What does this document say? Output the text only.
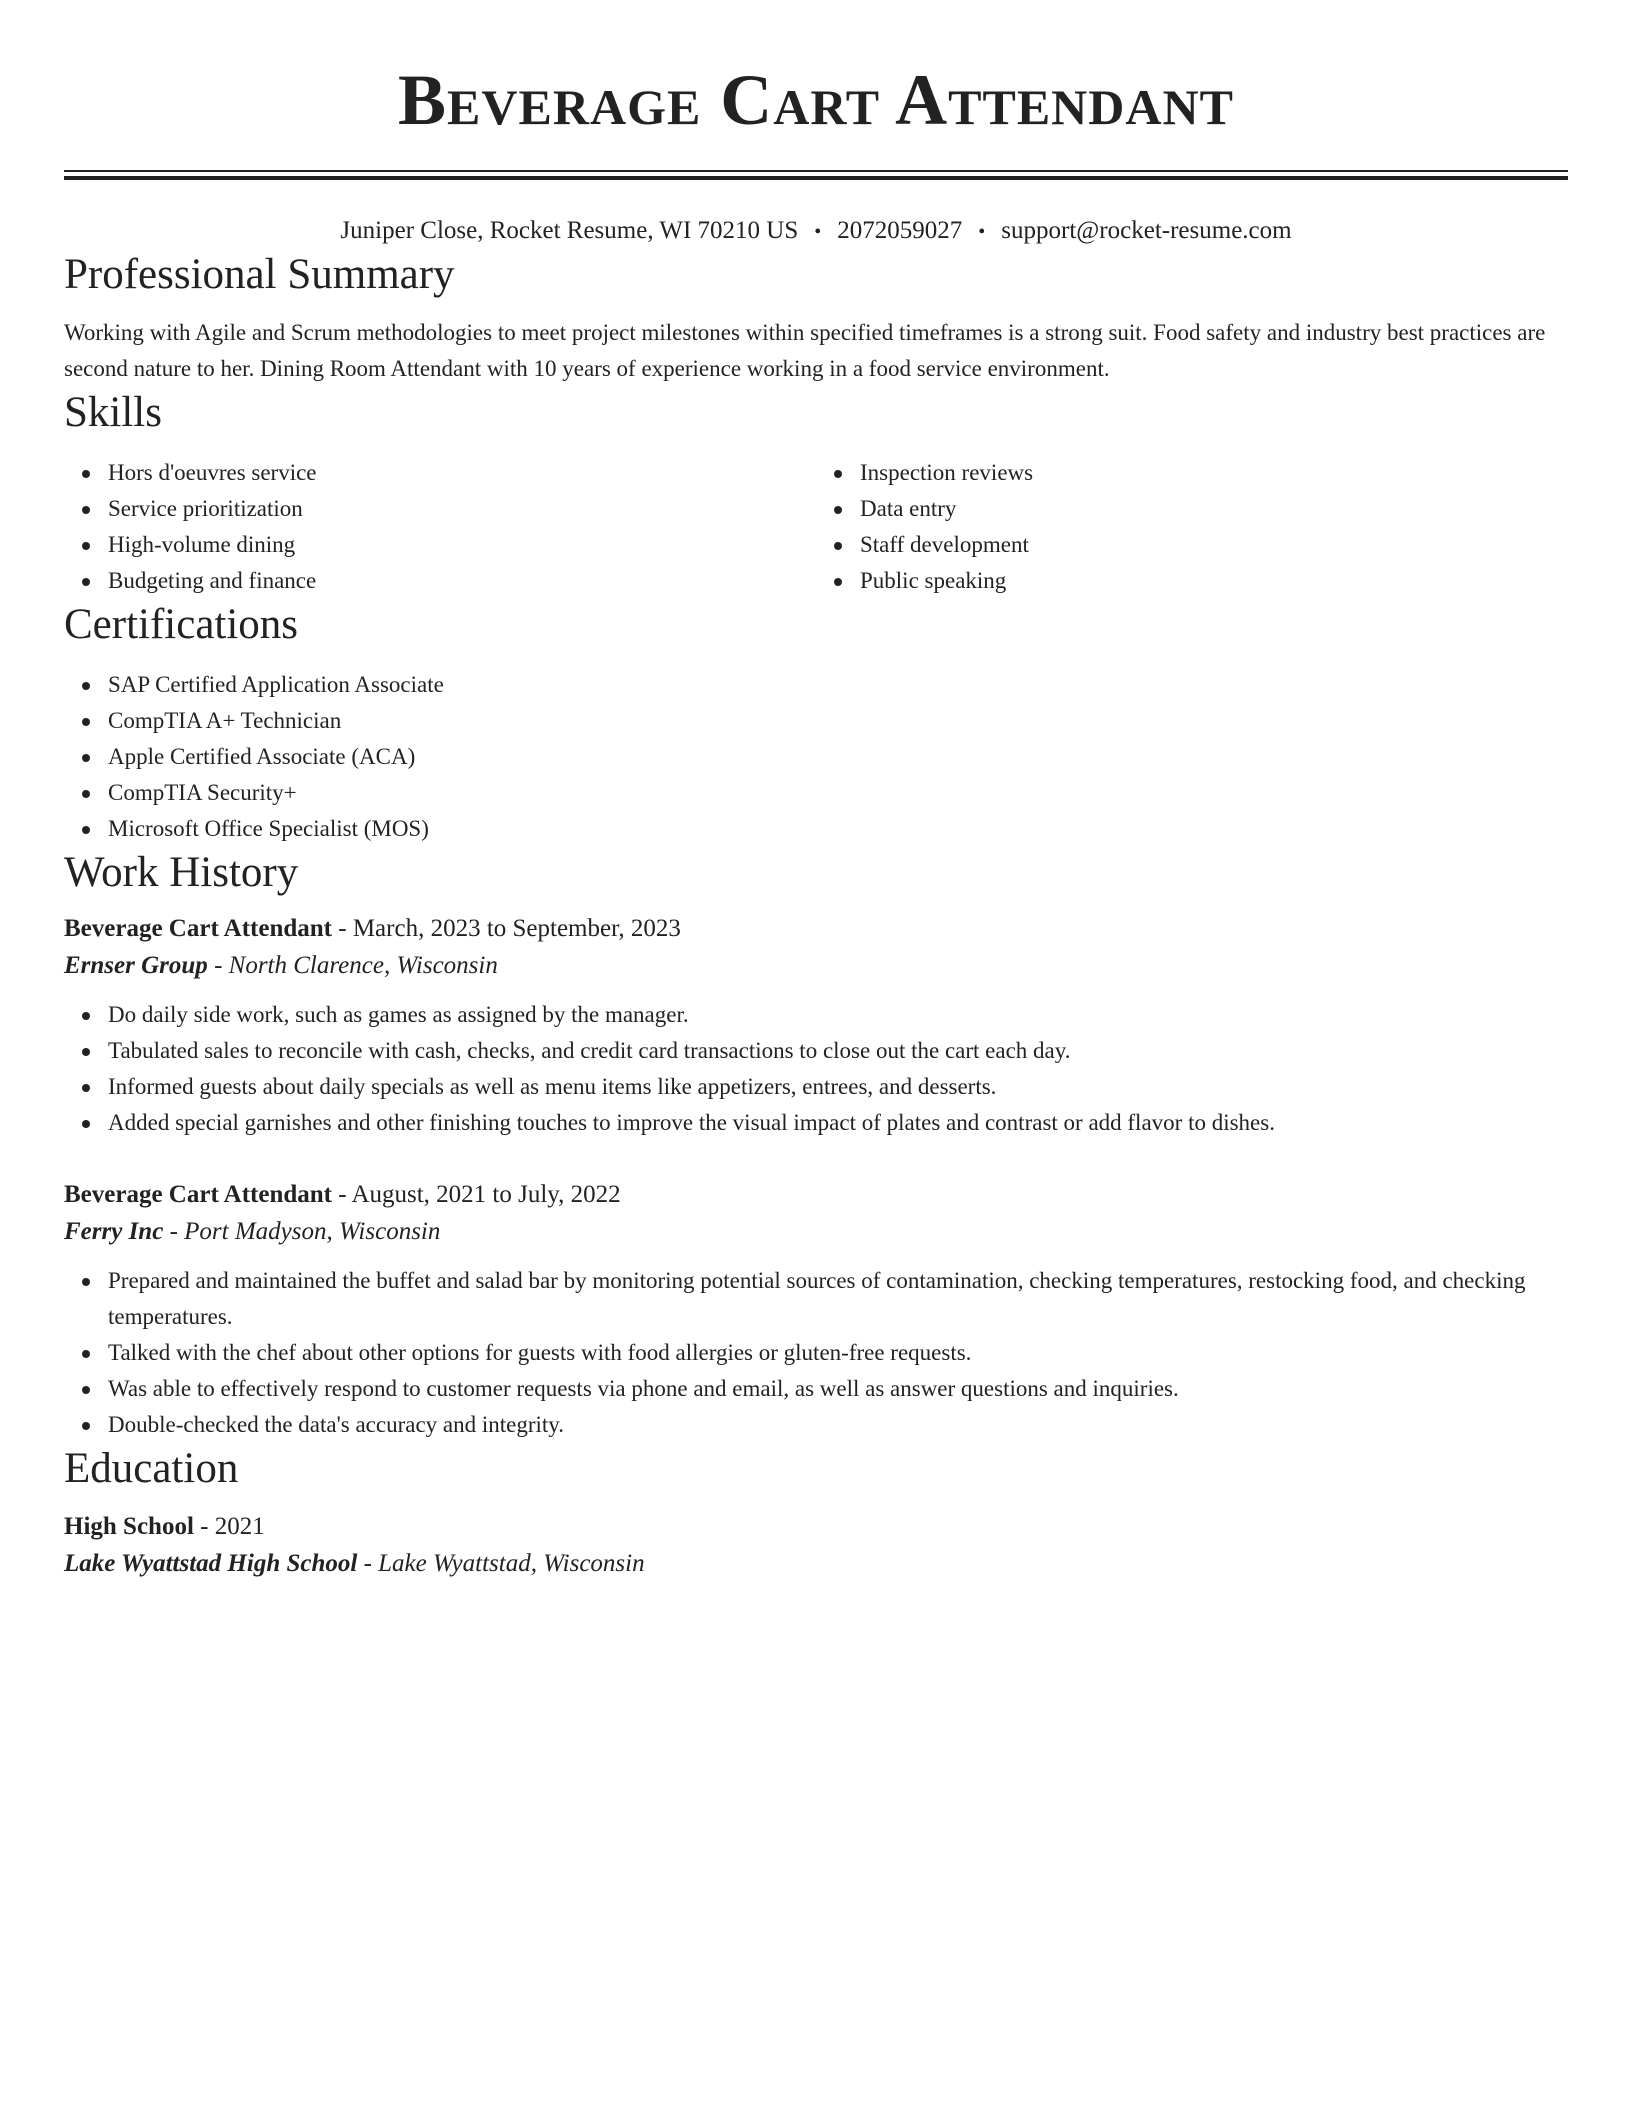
Beverage Cart Attendant
Juniper Close, Rocket Resume, WI 70210 US • 2072059027 • support@rocket-resume.com
Professional Summary

Working with Agile and Scrum methodologies to meet project milestones within specified timeframes is a strong suit. Food safety and industry best practices are second nature to her. Dining Room Attendant with 10 years of experience working in a food service environment.

Skills
Hors d'oeuvres service
Service prioritization
High-volume dining
Budgeting and finance
Inspection reviews
Data entry
Staff development
Public speaking
Certifications
SAP Certified Application Associate
CompTIA A+ Technician
Apple Certified Associate (ACA)
CompTIA Security+
Microsoft Office Specialist (MOS)
Work History
Beverage Cart Attendant - March, 2023 to September, 2023
Ernser Group - North Clarence, Wisconsin
Do daily side work, such as games as assigned by the manager.
Tabulated sales to reconcile with cash, checks, and credit card transactions to close out the cart each day.
Informed guests about daily specials as well as menu items like appetizers, entrees, and desserts.
Added special garnishes and other finishing touches to improve the visual impact of plates and contrast or add flavor to dishes.
Beverage Cart Attendant - August, 2021 to July, 2022
Ferry Inc - Port Madyson, Wisconsin
Prepared and maintained the buffet and salad bar by monitoring potential sources of contamination, checking temperatures, restocking food, and checking temperatures.
Talked with the chef about other options for guests with food allergies or gluten-free requests.
Was able to effectively respond to customer requests via phone and email, as well as answer questions and inquiries.
Double-checked the data's accuracy and integrity.
Education
High School - 2021
Lake Wyattstad High School - Lake Wyattstad, Wisconsin
